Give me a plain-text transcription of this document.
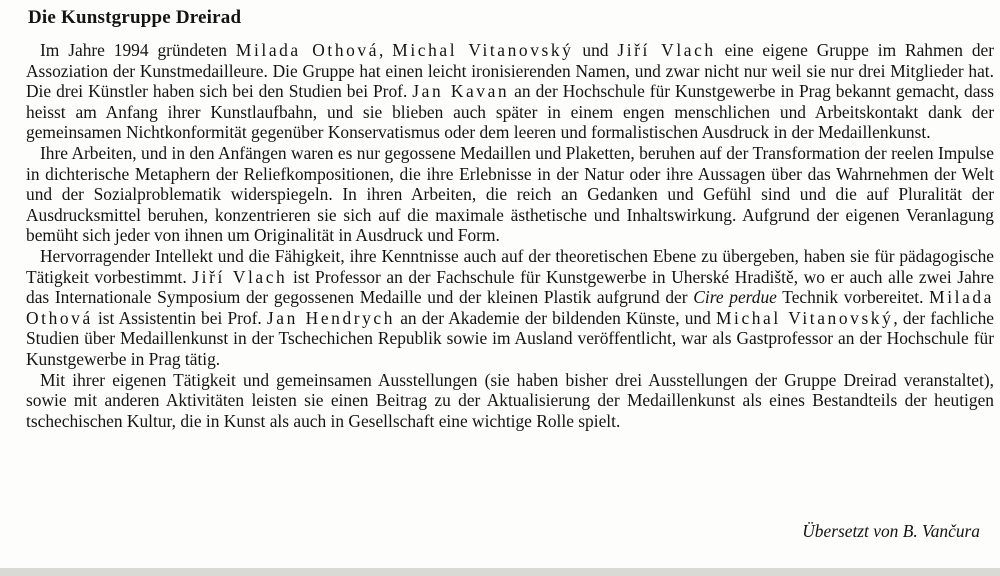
Die Kunstgruppe Dreirad

Im Jahre 1994 gründeten Milada Othová, Michal Vitanovský und Jiří Vlach eine eigene Gruppe im Rahmen der Assoziation der Kunstmedailleure. Die Gruppe hat einen leicht ironisierenden Namen, und zwar nicht nur weil sie nur drei Mitglieder hat. Die drei Künstler haben sich bei den Studien bei Prof. Jan Kavan an der Hochschule für Kunstgewerbe in Prag bekannt gemacht, dass heisst am Anfang ihrer Kunstlaufbahn, und sie blieben auch später in einem engen menschlichen und Arbeitskontakt dank der gemeinsamen Nichtkonformität gegenüber Konservatismus oder dem leeren und formalistischen Ausdruck in der Medaillenkunst.

Ihre Arbeiten, und in den Anfängen waren es nur gegossene Medaillen und Plaketten, beruhen auf der Transformation der reelen Impulse in dichterische Metaphern der Reliefkompositionen, die ihre Erlebnisse in der Natur oder ihre Aussagen über das Wahrnehmen der Welt und der Sozialproblematik widerspiegeln. In ihren Arbeiten, die reich an Gedanken und Gefühl sind und die auf Pluralität der Ausdrucksmittel beruhen, konzentrieren sie sich auf die maximale ästhetische und Inhaltswirkung. Aufgrund der eigenen Veranlagung bemüht sich jeder von ihnen um Originalität in Ausdruck und Form.

Hervorragender Intellekt und die Fähigkeit, ihre Kenntnisse auch auf der theoretischen Ebene zu übergeben, haben sie für pädagogische Tätigkeit vorbestimmt. Jiří Vlach ist Professor an der Fachschule für Kunstgewerbe in Uherské Hradiště, wo er auch alle zwei Jahre das Internationale Symposium der gegossenen Medaille und der kleinen Plastik aufgrund der Cire perdue Technik vorbereitet. Milada Othová ist Assistentin bei Prof. Jan Hendrych an der Akademie der bildenden Künste, und Michal Vitanovský, der fachliche Studien über Medaillenkunst in der Tschechichen Republik sowie im Ausland veröffentlicht, war als Gastprofessor an der Hochschule für Kunstgewerbe in Prag tätig.

Mit ihrer eigenen Tätigkeit und gemeinsamen Ausstellungen (sie haben bisher drei Ausstellungen der Gruppe Dreirad veranstaltet), sowie mit anderen Aktivitäten leisten sie einen Beitrag zu der Aktualisierung der Medaillenkunst als eines Bestandteils der heutigen tschechischen Kultur, die in Kunst als auch in Gesellschaft eine wichtige Rolle spielt.

Übersetzt von B. Vančura
